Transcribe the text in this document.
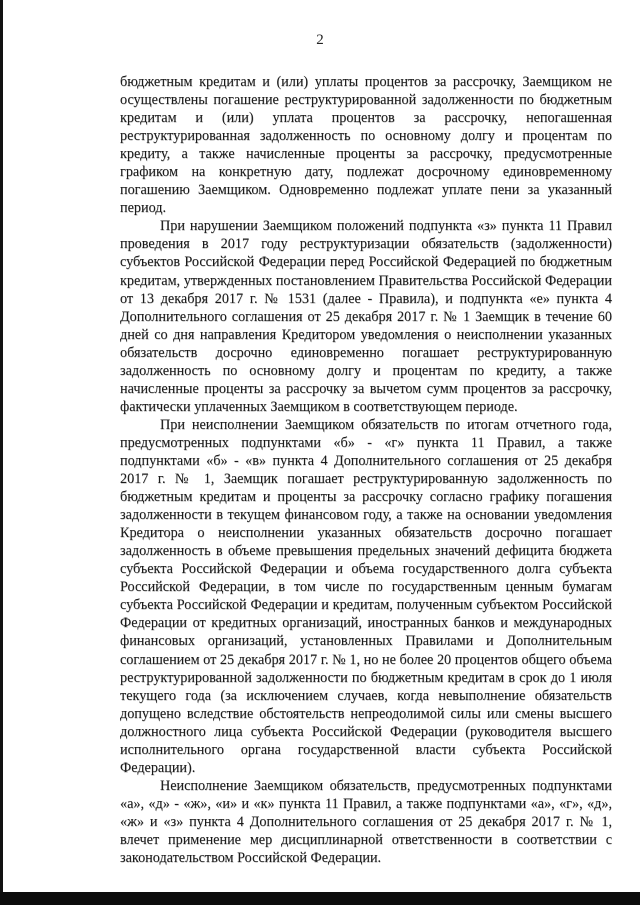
2

бюджетным кредитам и (или) уплаты процентов за рассрочку, Заемщиком не осуществлены погашение реструктурированной задолженности по бюджетным кредитам и (или) уплата процентов за рассрочку, непогашенная реструктурированная задолженность по основному долгу и процентам по кредиту, а также начисленные проценты за рассрочку, предусмотренные графиком на конкретную дату, подлежат досрочному единовременному погашению Заемщиком. Одновременно подлежат уплате пени за указанный период.

При нарушении Заемщиком положений подпункта «з» пункта 11 Правил проведения в 2017 году реструктуризации обязательств (задолженности) субъектов Российской Федерации перед Российской Федерацией по бюджетным кредитам, утвержденных постановлением Правительства Российской Федерации от 13 декабря 2017 г. № 1531 (далее - Правила), и подпункта «е» пункта 4 Дополнительного соглашения от 25 декабря 2017 г. № 1 Заемщик в течение 60 дней со дня направления Кредитором уведомления о неисполнении указанных обязательств досрочно единовременно погашает реструктурированную задолженность по основному долгу и процентам по кредиту, а также начисленные проценты за рассрочку за вычетом сумм процентов за рассрочку, фактически уплаченных Заемщиком в соответствующем периоде.

При неисполнении Заемщиком обязательств по итогам отчетного года, предусмотренных подпунктами «б» - «г» пункта 11 Правил, а также подпунктами «б» - «в» пункта 4 Дополнительного соглашения от 25 декабря 2017 г. № 1, Заемщик погашает реструктурированную задолженность по бюджетным кредитам и проценты за рассрочку согласно графику погашения задолженности в текущем финансовом году, а также на основании уведомления Кредитора о неисполнении указанных обязательств досрочно погашает задолженность в объеме превышения предельных значений дефицита бюджета субъекта Российской Федерации и объема государственного долга субъекта Российской Федерации, в том числе по государственным ценным бумагам субъекта Российской Федерации и кредитам, полученным субъектом Российской Федерации от кредитных организаций, иностранных банков и международных финансовых организаций, установленных Правилами и Дополнительным соглашением от 25 декабря 2017 г. № 1, но не более 20 процентов общего объема реструктурированной задолженности по бюджетным кредитам в срок до 1 июля текущего года (за исключением случаев, когда невыполнение обязательств допущено вследствие обстоятельств непреодолимой силы или смены высшего должностного лица субъекта Российской Федерации (руководителя высшего исполнительного органа государственной власти субъекта Российской Федерации).

Неисполнение Заемщиком обязательств, предусмотренных подпунктами «а», «д» - «ж», «и» и «к» пункта 11 Правил, а также подпунктами «а», «г», «д», «ж» и «з» пункта 4 Дополнительного соглашения от 25 декабря 2017 г. № 1, влечет применение мер дисциплинарной ответственности в соответствии с законодательством Российской Федерации.
